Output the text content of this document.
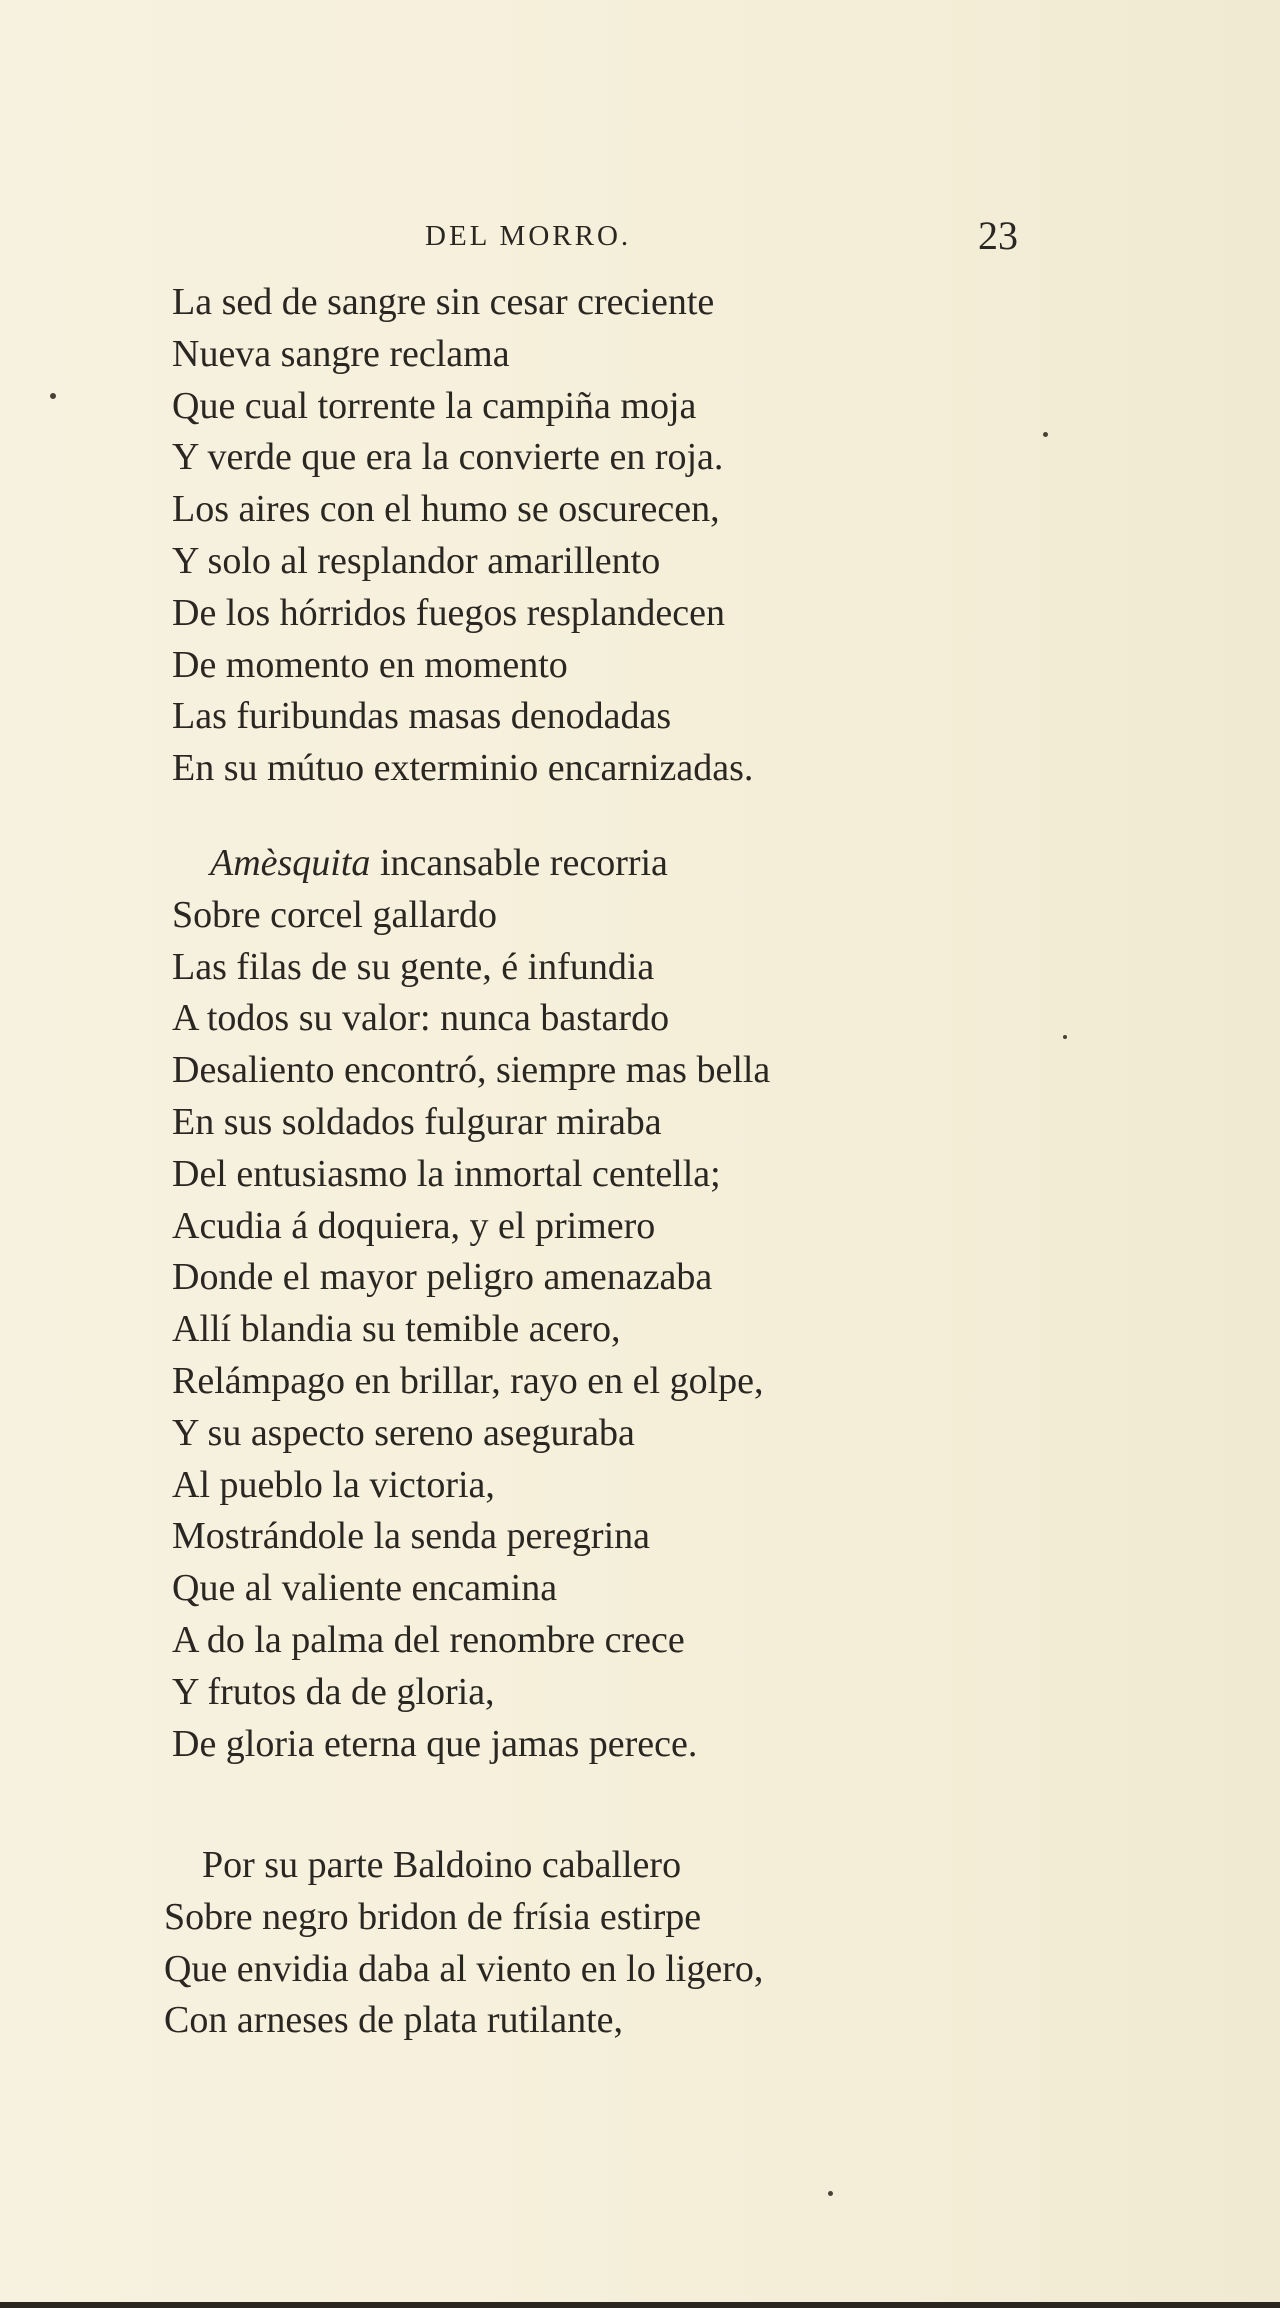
DEL MORRO.	23
La sed de sangre sin cesar creciente
Nueva sangre reclama
Que cual torrente la campiña moja
Y verde que era la convierte en roja.
Los aires con el humo se oscurecen,
Y solo al resplandor amarillento
De los hórridos fuegos resplandecen
De momento en momento
Las furibundas masas denodadas
En su mútuo exterminio encarnizadas.
Amèsquita incansable recorria
Sobre corcel gallardo
Las filas de su gente, é infundia
A todos su valor: nunca bastardo
Desaliento encontró, siempre mas bella
En sus soldados fulgurar miraba
Del entusiasmo la inmortal centella;
Acudia á doquiera, y el primero
Donde el mayor peligro amenazaba
Allí blandia su temible acero,
Relámpago en brillar, rayo en el golpe,
Y su aspecto sereno aseguraba
Al pueblo la victoria,
Mostrándole la senda peregrina
Que al valiente encamina
A do la palma del renombre crece
Y frutos da de gloria,
De gloria eterna que jamas perece.
Por su parte Baldoino caballero
Sobre negro bridon de frísia estirpe
Que envidia daba al viento en lo ligero,
Con arneses de plata rutilante,
